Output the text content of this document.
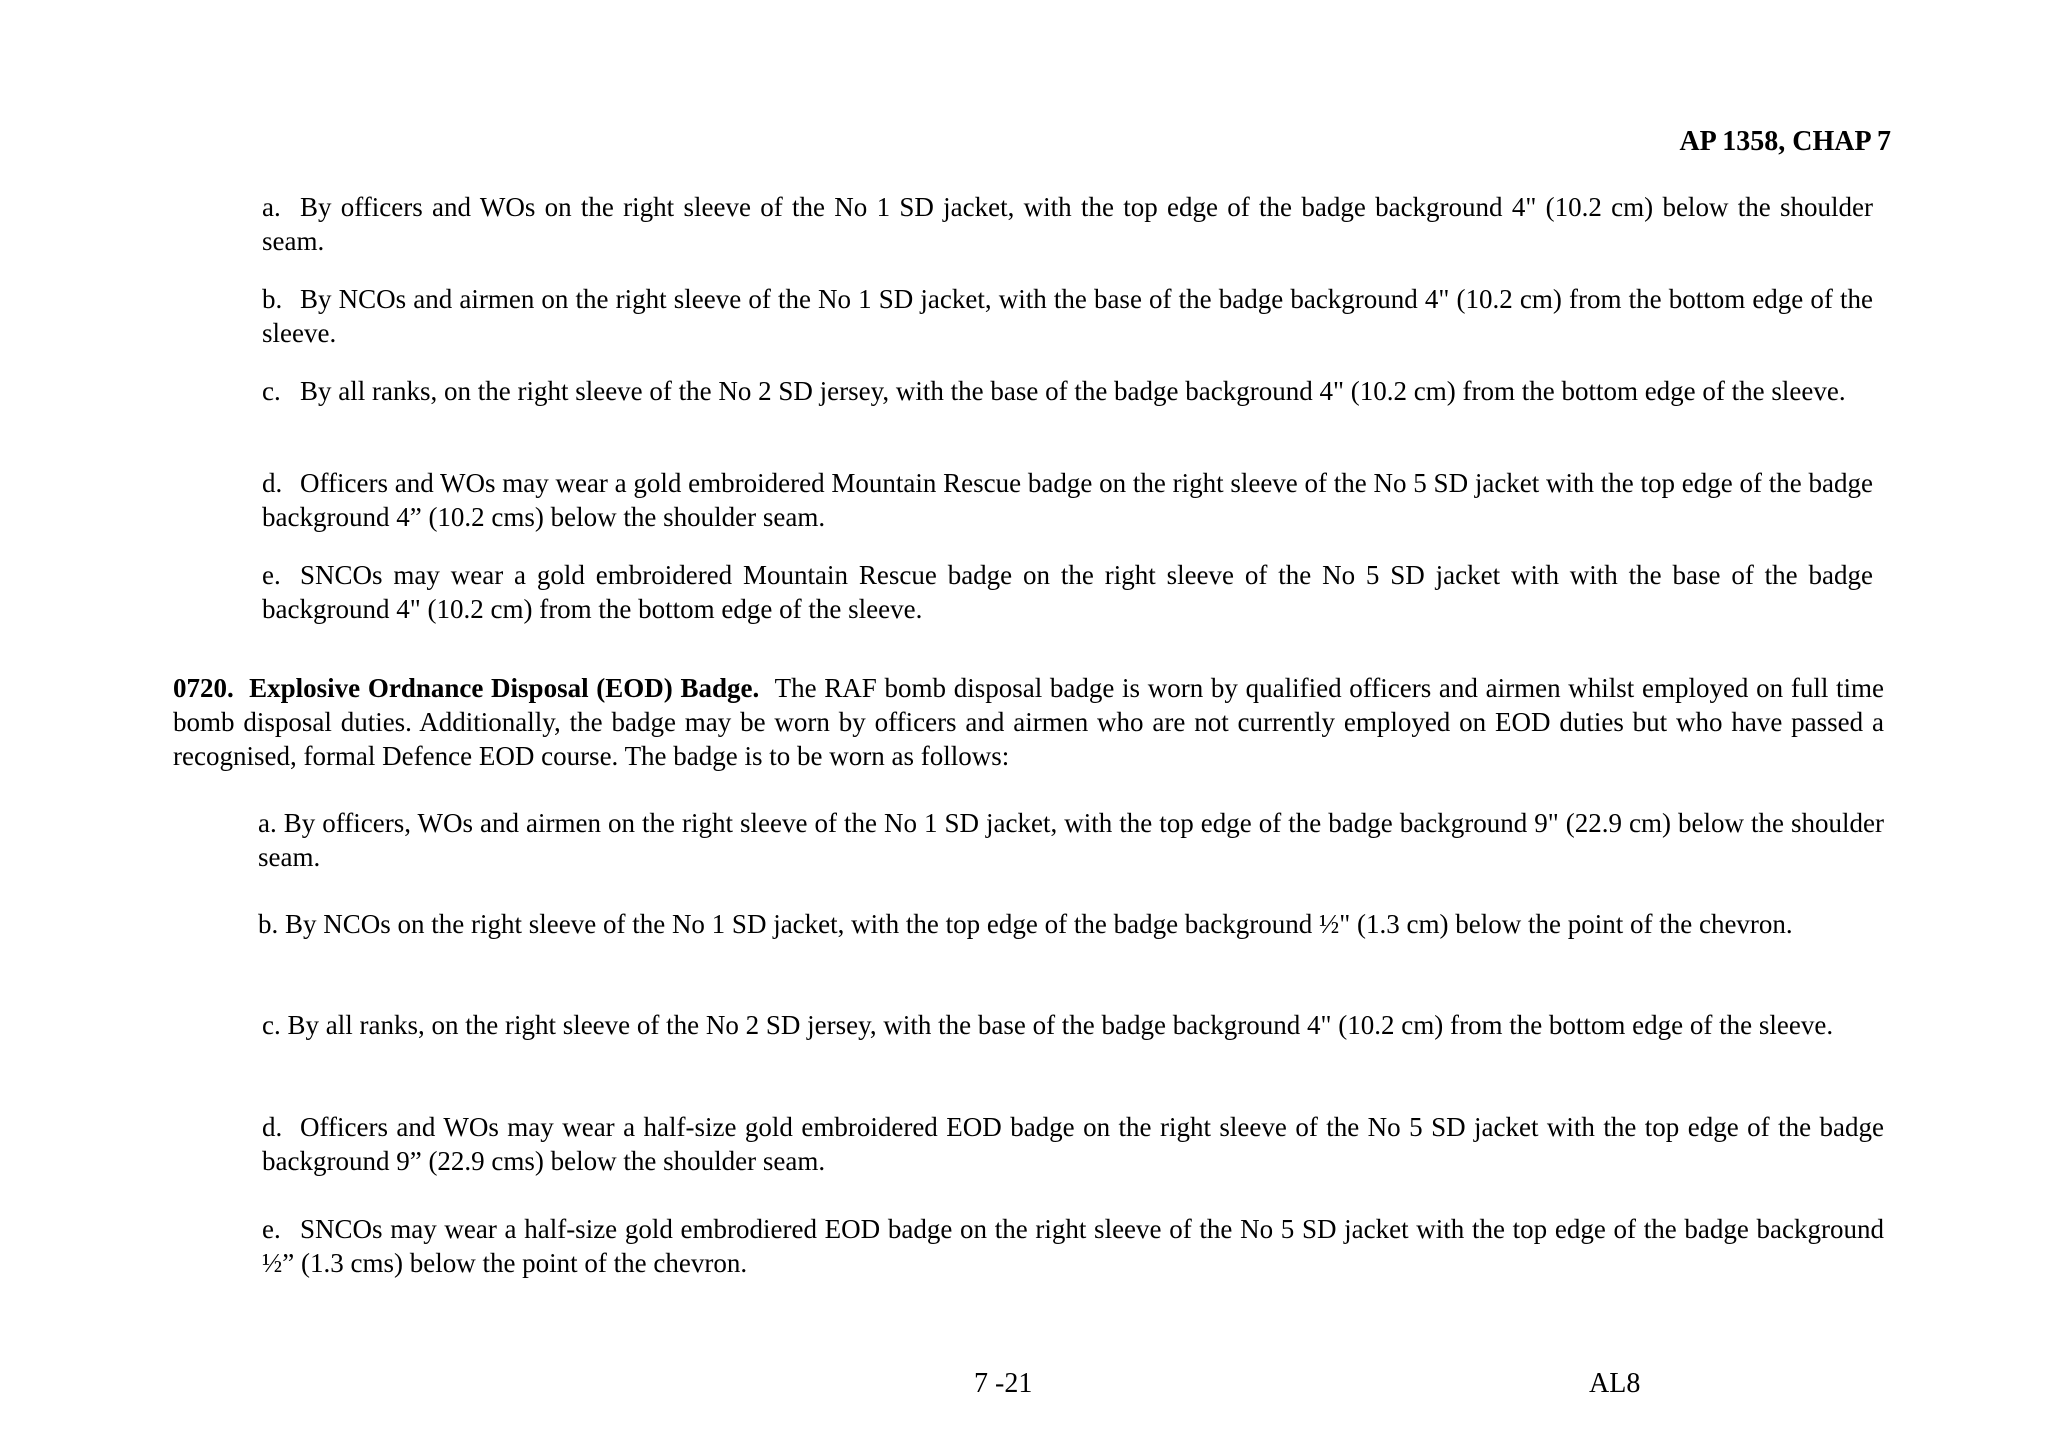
AP 1358, CHAP 7

a. By officers and WOs on the right sleeve of the No 1 SD jacket, with the top edge of the badge background 4" (10.2 cm) below the shoulder seam.

b. By NCOs and airmen on the right sleeve of the No 1 SD jacket, with the base of the badge background 4" (10.2 cm) from the bottom edge of the sleeve.

c. By all ranks, on the right sleeve of the No 2 SD jersey, with the base of the badge background 4" (10.2 cm) from the bottom edge of the sleeve.

d. Officers and WOs may wear a gold embroidered Mountain Rescue badge on the right sleeve of the No 5 SD jacket with the top edge of the badge background 4” (10.2 cms) below the shoulder seam.

e. SNCOs may wear a gold embroidered Mountain Rescue badge on the right sleeve of the No 5 SD jacket with with the base of the badge background 4" (10.2 cm) from the bottom edge of the sleeve.

0720. Explosive Ordnance Disposal (EOD) Badge. The RAF bomb disposal badge is worn by qualified officers and airmen whilst employed on full time bomb disposal duties. Additionally, the badge may be worn by officers and airmen who are not currently employed on EOD duties but who have passed a recognised, formal Defence EOD course. The badge is to be worn as follows:

a. By officers, WOs and airmen on the right sleeve of the No 1 SD jacket, with the top edge of the badge background 9" (22.9 cm) below the shoulder seam.

b. By NCOs on the right sleeve of the No 1 SD jacket, with the top edge of the badge background ½" (1.3 cm) below the point of the chevron.

c. By all ranks, on the right sleeve of the No 2 SD jersey, with the base of the badge background 4" (10.2 cm) from the bottom edge of the sleeve.

d. Officers and WOs may wear a half-size gold embroidered EOD badge on the right sleeve of the No 5 SD jacket with the top edge of the badge background 9” (22.9 cms) below the shoulder seam.

e. SNCOs may wear a half-size gold embrodiered EOD badge on the right sleeve of the No 5 SD jacket with the top edge of the badge background ½” (1.3 cms) below the point of the chevron.

7 -21	AL8
